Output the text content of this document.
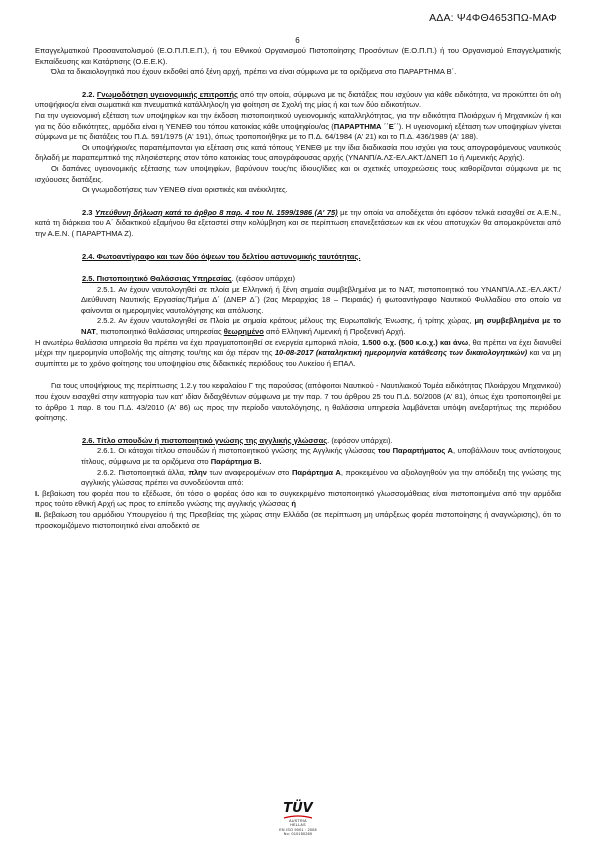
ΑΔΑ: Ψ4ΦΘ4653ΠΩ-ΜΑΦ
6

Επαγγελματικού Προσανατολισμού (Ε.Ο.Π.Π.Ε.Π.), ή του Εθνικού Οργανισμού Πιστοποίησης Προσόντων (Ε.Ο.Π.Π.) ή του Οργανισμού Επαγγελματικής Εκπαίδευσης και Κατάρτισης (Ο.Ε.Ε.Κ).

Όλα τα δικαιολογητικά που έχουν εκδοθεί από ξένη αρχή, πρέπει να είναι σύμφωνα με τα οριζόμενα στο ΠΑΡΑΡΤΗΜΑ Β΄.

2.2. Γνωμοδότηση υγειονομικής επιτροπής από την οποία, σύμφωνα με τις διατάξεις που ισχύουν για κάθε ειδικότητα, να προκύπτει ότι ο/η υποψήφιος/α είναι σωματικά και πνευματικά κατάλληλος/η για φοίτηση σε Σχολή της μίας ή και των δύο ειδικοτήτων.

Για την υγειονομική εξέταση των υποψηφίων και την έκδοση πιστοποιητικού υγειονομικής καταλληλότητας, για την ειδικότητα Πλοιάρχων ή Μηχανικών ή και για τις δύο ειδικότητες, αρμόδια είναι η ΥΕΝΕΘ του τόπου κατοικίας κάθε υποψηφίου/ας (ΠΑΡΑΡΤΗΜΑ ΄΄Ε΄΄). Η υγειονομική εξέταση των υποψηφίων γίνεται σύμφωνα με τις διατάξεις του Π.Δ. 591/1975 (Α' 191), όπως τροποποιήθηκε με το Π.Δ. 64/1984 (Α' 21) και το Π.Δ. 436/1989 (Α' 188).

Οι υποψήφιοι/ες παραπέμπονται για εξέταση στις κατά τόπους ΥΕΝΕΘ με την ίδια διαδικασία που ισχύει για τους απογραφόμενους ναυτικούς δηλαδή με παραπεμπτικό της πλησιέστερης στον τόπο κατοικίας τους απογράφουσας αρχής (ΥΝΑΝΠ/Α.ΛΣ-ΕΛ.ΑΚΤ./ΔΝΕΠ 1ο ή Λιμενικής Αρχής).

Οι δαπάνες υγειονομικής εξέτασης των υποψηφίων, βαρύνουν τους/τις ίδιους/ίδιες και οι σχετικές υποχρεώσεις τους καθορίζονται σύμφωνα με τις ισχύουσες διατάξεις.

Οι γνωμοδοτήσεις των ΥΕΝΕΘ είναι οριστικές και ανέκκλητες.

2.3 Υπεύθυνη δήλωση κατά το άρθρο 8 παρ. 4 του Ν. 1599/1986 (Α' 75) με την οποία να αποδέχεται ότι εφόσον τελικά εισαχθεί σε Α.Ε.Ν., κατά τη διάρκεια του Α΄ διδακτικού εξαμήνου θα εξεταστεί στην κολύμβηση και σε περίπτωση επανεξετάσεων και εκ νέου αποτυχιών θα απομακρύνεται από την Α.Ε.Ν. ( ΠΑΡΑΡΤΗΜΑ Ζ).

2.4. Φωτοαντίγραφο και των δύο όψεων του δελτίου αστυνομικής ταυτότητας.

2.5. Πιστοποιητικό Θαλάσσιας Υπηρεσίας. (εφόσον υπάρχει)

2.5.1. Αν έχουν ναυτολογηθεί σε πλοία με Ελληνική ή ξένη σημαία συμβεβλημένα με το ΝΑΤ, πιστοποιητικό του ΥΝΑΝΠ/Α.ΛΣ.-ΕΛ.ΑΚΤ./Διεύθυνση Ναυτικής Εργασίας/Τμήμα Δ΄ (ΔΝΕΡ Δ΄) (2ας Μεραρχίας 18 – Πειραιάς) ή φωτοαντίγραφο Ναυτικού Φυλλαδίου στο οποίο να φαίνονται οι ημερομηνίες ναυτολόγησης και απόλυσης.

2.5.2. Αν έχουν ναυτολογηθεί σε Πλοία με σημαία κράτους μέλους της Ευρωπαϊκής Ένωσης, ή τρίτης χώρας, μη συμβεβλημένα με το ΝΑΤ, πιστοποιητικό θαλάσσιας υπηρεσίας θεωρημένο από Ελληνική Λιμενική ή Προξενική Αρχή.

Η ανωτέρω θαλάσσια υπηρεσία θα πρέπει να έχει πραγματοποιηθεί σε ενεργεία εμπορικά πλοία, 1.500 ο.χ. (500 κ.ο.χ.) και άνω, θα πρέπει να έχει διανυθεί μέχρι την ημερομηνία υποβολής της αίτησης του/της και όχι πέραν της 10-08-2017 (καταληκτική ημερομηνία κατάθεσης των δικαιολογητικών) και να μη συμπίπτει με το χρόνο φοίτησης του υποψηφίου στις διδακτικές περιόδους του Λυκείου ή ΕΠΑΛ.

Για τους υποψήφιους της περίπτωσης 1.2.γ του κεφαλαίου Γ της παρούσας (απόφοιτοι Ναυτικού - Ναυτιλιακού Τομέα ειδικότητας Πλοιάρχου Μηχανικού) που έχουν εισαχθεί στην κατηγορία των κατ' ιδίαν διδαχθέντων σύμφωνα με την παρ. 7 του άρθρου 25 του Π.Δ. 50/2008 (Α' 81), όπως έχει τροποποιηθεί με το άρθρο 1 παρ. 8 του Π.Δ. 43/2010 (Α' 86) ως προς την περίοδο ναυτολόγησης, η θαλάσσια υπηρεσία λαμβάνεται υπόψη ανεξαρτήτως της περιόδου φοίτησης.

2.6. Τίτλο σπουδών ή πιστοποιητικό γνώσης της αγγλικής γλώσσας. (εφόσον υπάρχει).

2.6.1. Οι κάτοχοι τίτλου σπουδών ή πιστοποιητικού γνώσης της Αγγλικής γλώσσας του Παραρτήματος Α, υποβάλλουν τους αντίστοιχους τίτλους, σύμφωνα με τα οριζόμενα στο Παράρτημα Β.

2.6.2. Πιστοποιητικά άλλα, πλην των αναφερομένων στο Παράρτημα Α, προκειμένου να αξιολογηθούν για την απόδειξη της γνώσης της αγγλικής γλώσσας πρέπει να συνοδεύονται από:

Ι. βεβαίωση του φορέα που το εξέδωσε, ότι τόσο ο φορέας όσο και το συγκεκριμένο πιστοποιητικό γλωσσομάθειας είναι πιστοποιημένα από την αρμόδια προς τούτο εθνική Αρχή ως προς το επίπεδο γνώσης της αγγλικής γλώσσας ή

ΙΙ. βεβαίωση του αρμόδιου Υπουργείου ή της Πρεσβείας της χώρας στην Ελλάδα (σε περίπτωση μη υπάρξεως φορέα πιστοποίησης ή αναγνώρισης), ότι το προσκομιζόμενο πιστοποιητικό είναι αποδεκτό σε

TÜV
AUSTRIA
HELLAS
EN ISO 9001 : 2008
No: 010150269
